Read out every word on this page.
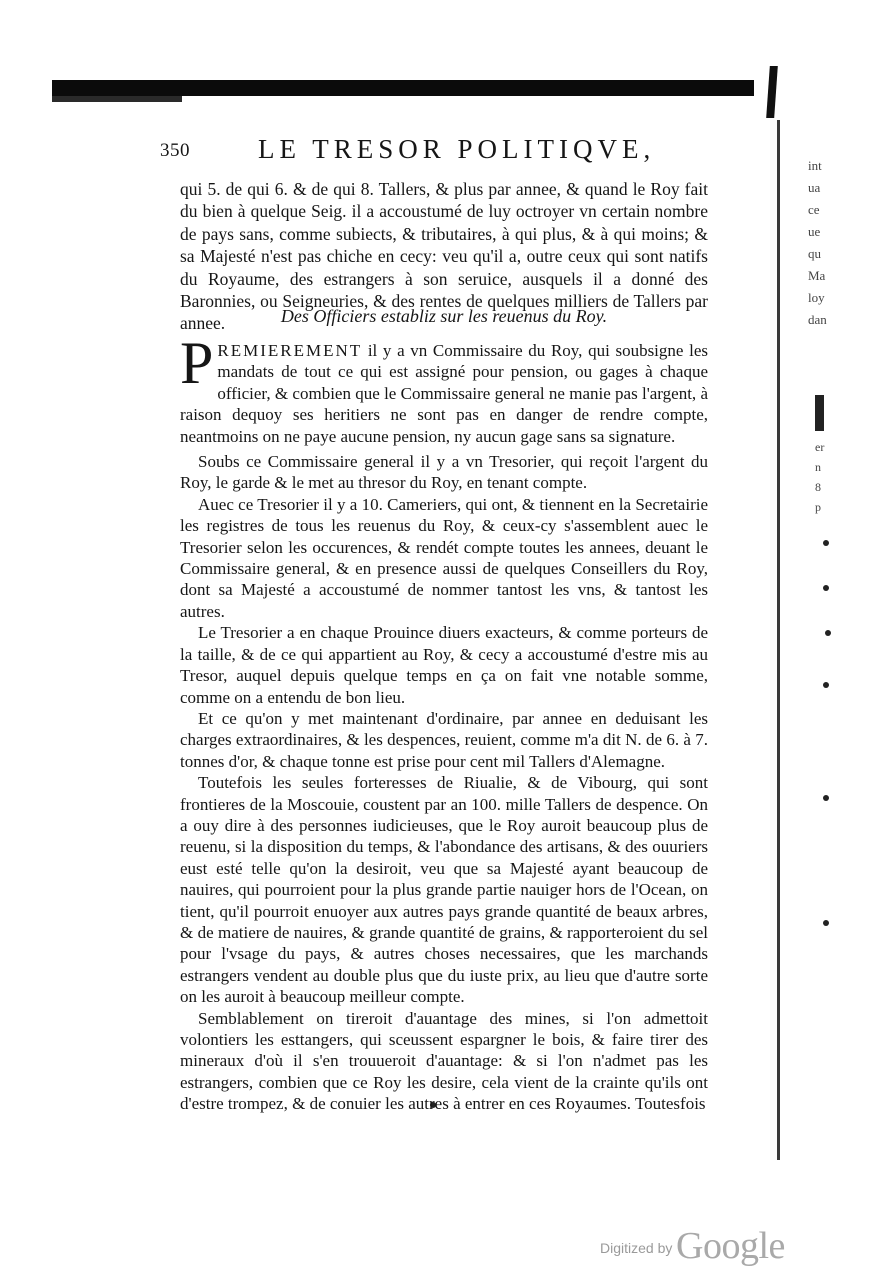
int
ua
ce
ue
qu
Ma
loy
dan
er
n
8
p
350	LE TRESOR POLITIQVE,

qui 5. de qui 6. & de qui 8. Tallers, & plus par annee, & quand le Roy fait du bien à quelque Seig. il a accoustumé de luy octroyer vn certain nombre de pays sans, comme subiects, & tributaires, à qui plus, & à qui moins; & sa Majesté n'est pas chiche en cecy: veu qu'il a, outre ceux qui sont natifs du Royaume, des estrangers à son seruice, ausquels il a donné des Baronnies, ou Seigneuries, & des rentes de quelques milliers de Tallers par annee.	Des Officiers establiz sur les reuenus du Roy.

PREMIEREMENT il y a vn Commissaire du Roy, qui soubsigne les mandats de tout ce qui est assigné pour pension, ou gages à chaque officier, & combien que le Commissaire general ne manie pas l'argent, à raison dequoy ses heritiers ne sont pas en danger de rendre compte, neantmoins on ne paye aucune pension, ny aucun gage sans sa signature.

Soubs ce Commissaire general il y a vn Tresorier, qui reçoit l'argent du Roy, le garde & le met au thresor du Roy, en tenant compte.

Auec ce Tresorier il y a 10. Cameriers, qui ont, & tiennent en la Secretairie les registres de tous les reuenus du Roy, & ceux-cy s'assemblent auec le Tresorier selon les occurences, & rendét compte toutes les annees, deuant le Commissaire general, & en presence aussi de quelques Conseillers du Roy, dont sa Majesté a accoustumé de nommer tantost les vns, & tantost les autres.

Le Tresorier a en chaque Prouince diuers exacteurs, & comme porteurs de la taille, & de ce qui appartient au Roy, & cecy a accoustumé d'estre mis au Tresor, auquel depuis quelque temps en ça on fait vne notable somme, comme on a entendu de bon lieu.

Et ce qu'on y met maintenant d'ordinaire, par annee en deduisant les charges extraordinaires, & les despences, reuient, comme m'a dit N. de 6. à 7. tonnes d'or, & chaque tonne est prise pour cent mil Tallers d'Alemagne.

Toutefois les seules forteresses de Riualie, & de Vibourg, qui sont frontieres de la Moscouie, coustent par an 100. mille Tallers de despence. On a ouy dire à des personnes iudicieuses, que le Roy auroit beaucoup plus de reuenu, si la disposition du temps, & l'abondance des artisans, & des ouuriers eust esté telle qu'on la desiroit, veu que sa Majesté ayant beaucoup de nauires, qui pourroient pour la plus grande partie nauiger hors de l'Ocean, on tient, qu'il pourroit enuoyer aux autres pays grande quantité de beaux arbres, & de matiere de nauires, & grande quantité de grains, & rapporteroient du sel pour l'vsage du pays, & autres choses necessaires, que les marchands estrangers vendent au double plus que du iuste prix, au lieu que d'autre sorte on les auroit à beaucoup meilleur compte.

Semblablement on tireroit d'auantage des mines, si l'on admettoit volontiers les esttangers, qui sceussent espargner le bois, & faire tirer des mineraux d'où il s'en trouueroit d'auantage: & si l'on n'admet pas les estrangers, combien que ce Roy les desire, cela vient de la crainte qu'ils ont d'estre trompez, & de conuier les autres à entrer en ces Royaumes. Toutesfois

Digitized by Google
